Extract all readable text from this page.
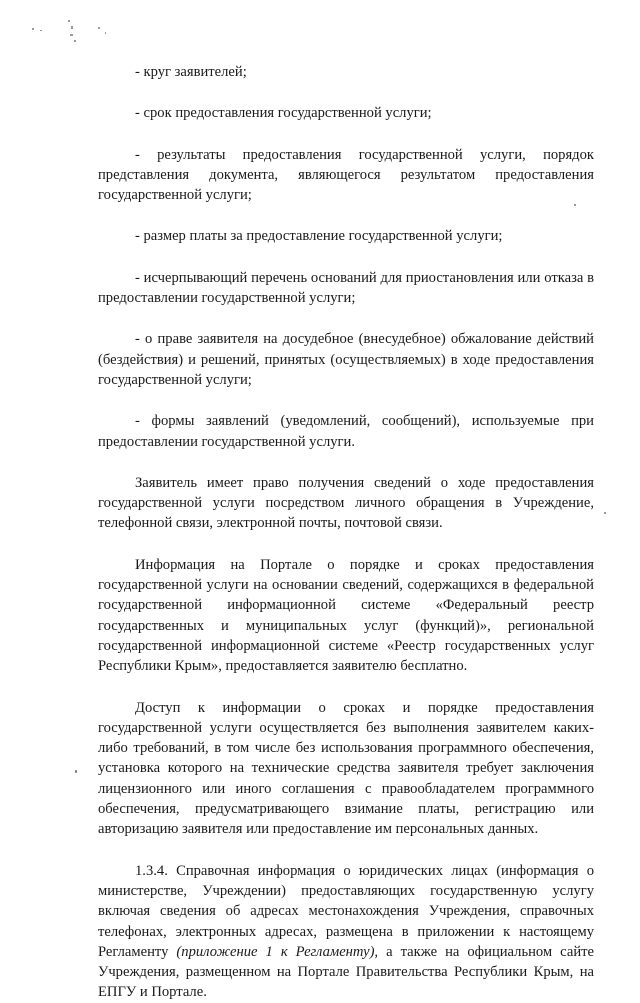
- круг заявителей;
- срок предоставления государственной услуги;
- результаты предоставления государственной услуги, порядок представления документа, являющегося результатом предоставления государственной услуги;
- размер платы за предоставление государственной услуги;
- исчерпывающий перечень оснований для приостановления или отказа в предоставлении государственной услуги;
- о праве заявителя на досудебное (внесудебное) обжалование действий (бездействия) и решений, принятых (осуществляемых) в ходе предоставления государственной услуги;
- формы заявлений (уведомлений, сообщений), используемые при предоставлении государственной услуги.
Заявитель имеет право получения сведений о ходе предоставления государственной услуги посредством личного обращения в Учреждение, телефонной связи, электронной почты, почтовой связи.
Информация на Портале о порядке и сроках предоставления государственной услуги на основании сведений, содержащихся в федеральной государственной информационной системе «Федеральный реестр государственных и муниципальных услуг (функций)», региональной государственной информационной системе «Реестр государственных услуг Республики Крым», предоставляется заявителю бесплатно.
Доступ к информации о сроках и порядке предоставления государственной услуги осуществляется без выполнения заявителем каких-либо требований, в том числе без использования программного обеспечения, установка которого на технические средства заявителя требует заключения лицензионного или иного соглашения с правообладателем программного обеспечения, предусматривающего взимание платы, регистрацию или авторизацию заявителя или предоставление им персональных данных.
1.3.4. Справочная информация о юридических лицах (информация о министерстве, Учреждении) предоставляющих государственную услугу включая сведения об адресах местонахождения Учреждения, справочных телефонах, электронных адресах, размещена в приложении к настоящему Регламенту (приложение 1 к Регламенту), а также на официальном сайте Учреждения, размещенном на Портале Правительства Республики Крым, на ЕПГУ и Портале.
